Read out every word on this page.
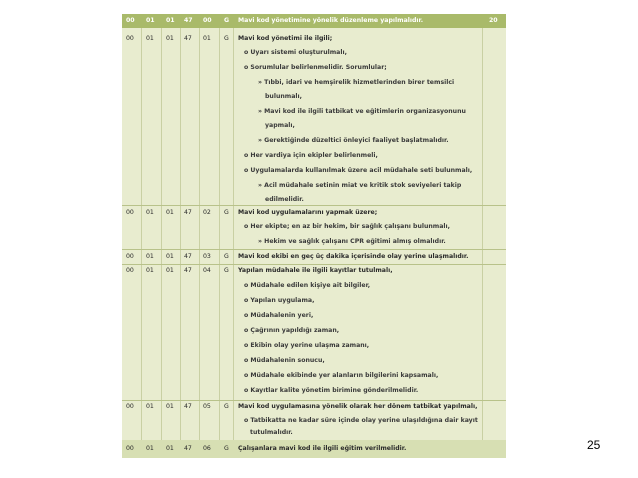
00 01 01 47 00 G Mavi kod yönetimine yönelik düzenleme yapılmalıdır.	20
00 01 01 47 01 G Mavi kod yönetimi ile ilgili;
o Uyarı sistemi oluşturulmalı,
o Sorumlular belirlenmelidir. Sorumlular;
» Tıbbi, idari ve hemşirelik hizmetlerinden birer temsilci
bulunmalı,
» Mavi kod ile ilgili tatbikat ve eğitimlerin organizasyonunu
yapmalı,
» Gerektiğinde düzeltici önleyici faaliyet başlatmalıdır.
o Her vardiya için ekipler belirlenmeli,
o Uygulamalarda kullanılmak üzere acil müdahale seti bulunmalı,
» Acil müdahale setinin miat ve kritik stok seviyeleri takip
edilmelidir.
00 01 01 47 02 G Mavi kod uygulamalarını yapmak üzere;
o Her ekipte; en az bir hekim, bir sağlık çalışanı bulunmalı,
» Hekim ve sağlık çalışanı CPR eğitimi almış olmalıdır.
00 01 01 47 03 G Mavi kod ekibi en geç üç dakika içerisinde olay yerine ulaşmalıdır.
00 01 01 47 04 G Yapılan müdahale ile ilgili kayıtlar tutulmalı,
o Müdahale edilen kişiye ait bilgiler,
o Yapılan uygulama,
o Müdahalenin yeri,
o Çağrının yapıldığı zaman,
o Ekibin olay yerine ulaşma zamanı,
o Müdahalenin sonucu,
o Müdahale ekibinde yer alanların bilgilerini kapsamalı,
o Kayıtlar kalite yönetim birimine gönderilmelidir.
00 01 01 47 05 G Mavi kod uygulamasına yönelik olarak her dönem tatbikat yapılmalı,
o Tatbikatta ne kadar süre içinde olay yerine ulaşıldığına dair kayıt
tutulmalıdır.
00 01 01 47 06 G Çalışanlara mavi kod ile ilgili eğitim verilmelidir.	25
